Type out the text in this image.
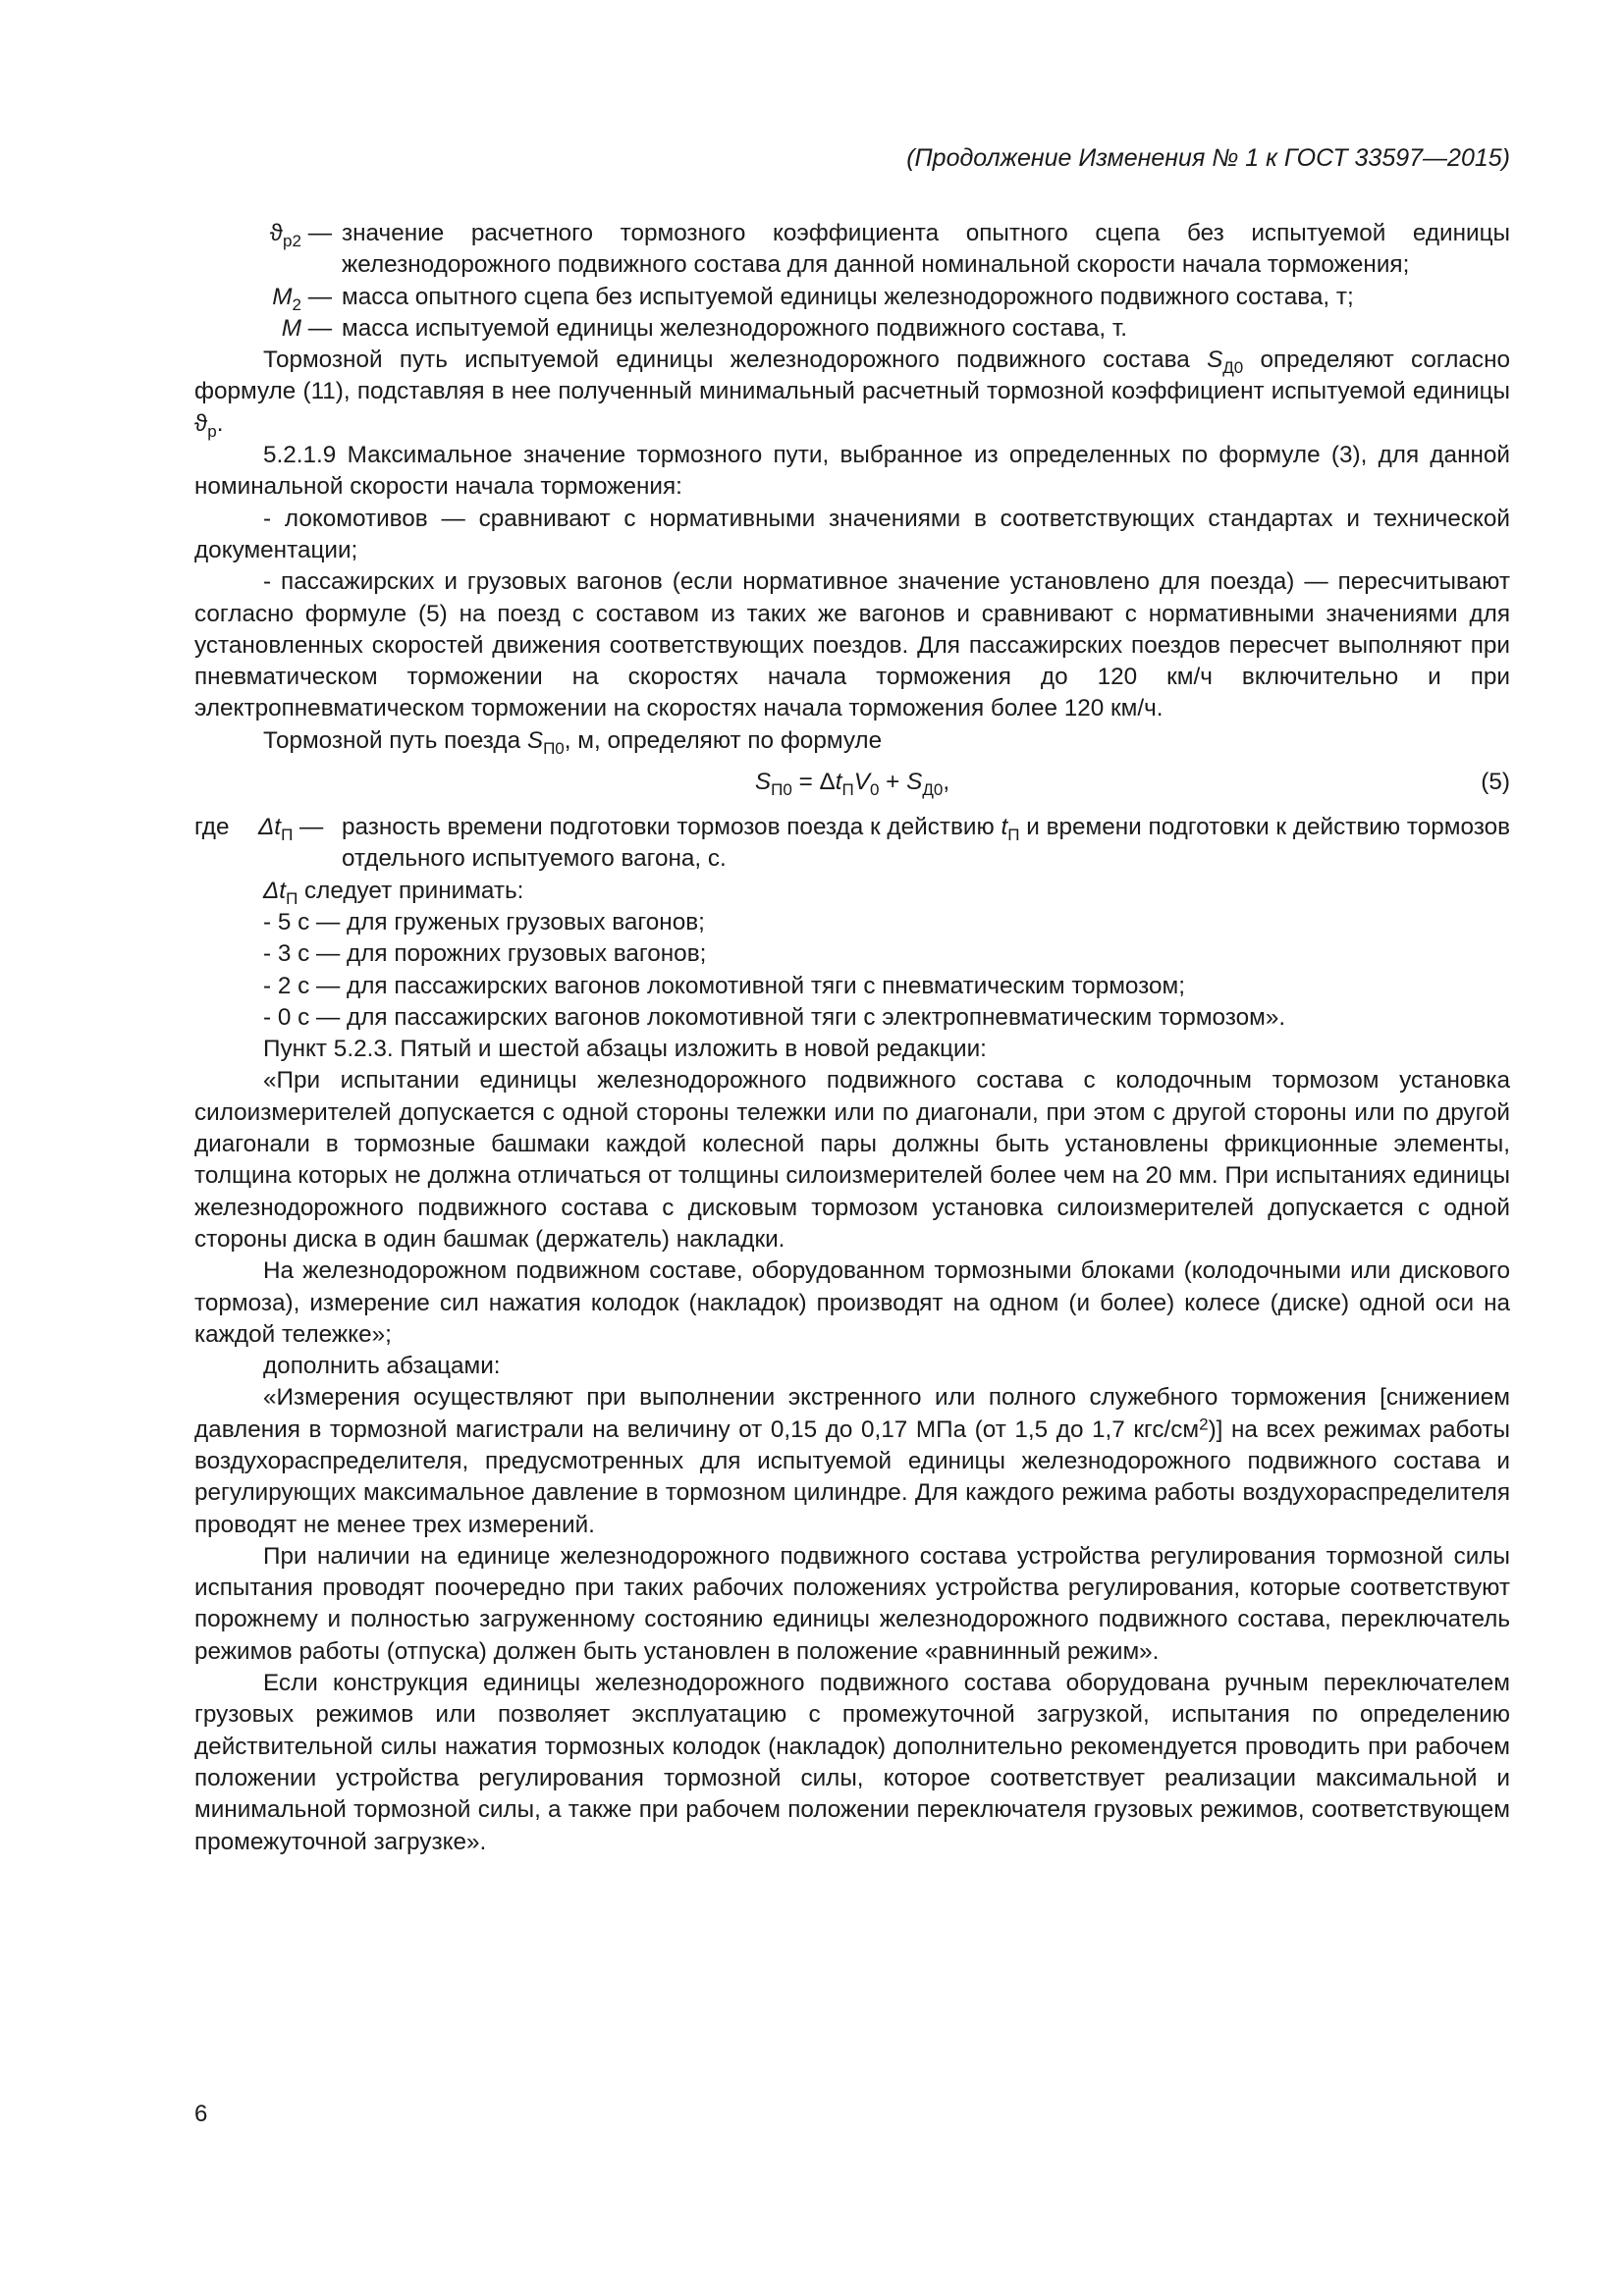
(Продолжение Изменения № 1 к ГОСТ 33597—2015)
$ϑ_{р2}$ — значение расчетного тормозного коэффициента опытного сцепа без испытуемой единицы железнодорожного подвижного состава для данной номинальной скорости начала торможения;
$M_2$ — масса опытного сцепа без испытуемой единицы железнодорожного подвижного состава, т;
M — масса испытуемой единицы железнодорожного подвижного состава, т.

Тормозной путь испытуемой единицы железнодорожного подвижного состава $S_{Д0}$ определяют согласно формуле (11), подставляя в нее полученный минимальный расчетный тормозной коэффициент испытуемой единицы $ϑ_р$.

5.2.1.9 Максимальное значение тормозного пути, выбранное из определенных по формуле (3), для данной номинальной скорости начала торможения:

- локомотивов — сравнивают с нормативными значениями в соответствующих стандартах и технической документации;

- пассажирских и грузовых вагонов (если нормативное значение установлено для поезда) — пересчитывают согласно формуле (5) на поезд с составом из таких же вагонов и сравнивают с нормативными значениями для установленных скоростей движения соответствующих поездов. Для пассажирских поездов пересчет выполняют при пневматическом торможении на скоростях начала торможения до 120 км/ч включительно и при электропневматическом торможении на скоростях начала торможения более 120 км/ч.

Тормозной путь поезда $S_{П0}$, м, определяют по формуле

$S_{П0} = \Delta t_ПV_0 + S_{Д0}$,	(5)
где $\Delta t_П$ — разность времени подготовки тормозов поезда к действию $t_П$ и времени подготовки к действию тормозов отдельного испытуемого вагона, с.

$\Delta t_П$ следует принимать:

- 5 с — для груженых грузовых вагонов;

- 3 с — для порожних грузовых вагонов;

- 2 с — для пассажирских вагонов локомотивной тяги с пневматическим тормозом;

- 0 с — для пассажирских вагонов локомотивной тяги с электропневматическим тормозом».

Пункт 5.2.3. Пятый и шестой абзацы изложить в новой редакции:

«При испытании единицы железнодорожного подвижного состава с колодочным тормозом установка силоизмерителей допускается с одной стороны тележки или по диагонали, при этом с другой стороны или по другой диагонали в тормозные башмаки каждой колесной пары должны быть установлены фрикционные элементы, толщина которых не должна отличаться от толщины силоизмерителей более чем на 20 мм. При испытаниях единицы железнодорожного подвижного состава с дисковым тормозом установка силоизмерителей допускается с одной стороны диска в один башмак (держатель) накладки.

На железнодорожном подвижном составе, оборудованном тормозными блоками (колодочными или дискового тормоза), измерение сил нажатия колодок (накладок) производят на одном (и более) колесе (диске) одной оси на каждой тележке»;

дополнить абзацами:

«Измерения осуществляют при выполнении экстренного или полного служебного торможения [снижением давления в тормозной магистрали на величину от 0,15 до 0,17 МПа (от 1,5 до 1,7 кгс/$см^2$)] на всех режимах работы воздухораспределителя, предусмотренных для испытуемой единицы железнодорожного подвижного состава и регулирующих максимальное давление в тормозном цилиндре. Для каждого режима работы воздухораспределителя проводят не менее трех измерений.

При наличии на единице железнодорожного подвижного состава устройства регулирования тормозной силы испытания проводят поочередно при таких рабочих положениях устройства регулирования, которые соответствуют порожнему и полностью загруженному состоянию единицы железнодорожного подвижного состава, переключатель режимов работы (отпуска) должен быть установлен в положение «равнинный режим».

Если конструкция единицы железнодорожного подвижного состава оборудована ручным переключателем грузовых режимов или позволяет эксплуатацию с промежуточной загрузкой, испытания по определению действительной силы нажатия тормозных колодок (накладок) дополнительно рекомендуется проводить при рабочем положении устройства регулирования тормозной силы, которое соответствует реализации максимальной и минимальной тормозной силы, а также при рабочем положении переключателя грузовых режимов, соответствующем промежуточной загрузке».

6
